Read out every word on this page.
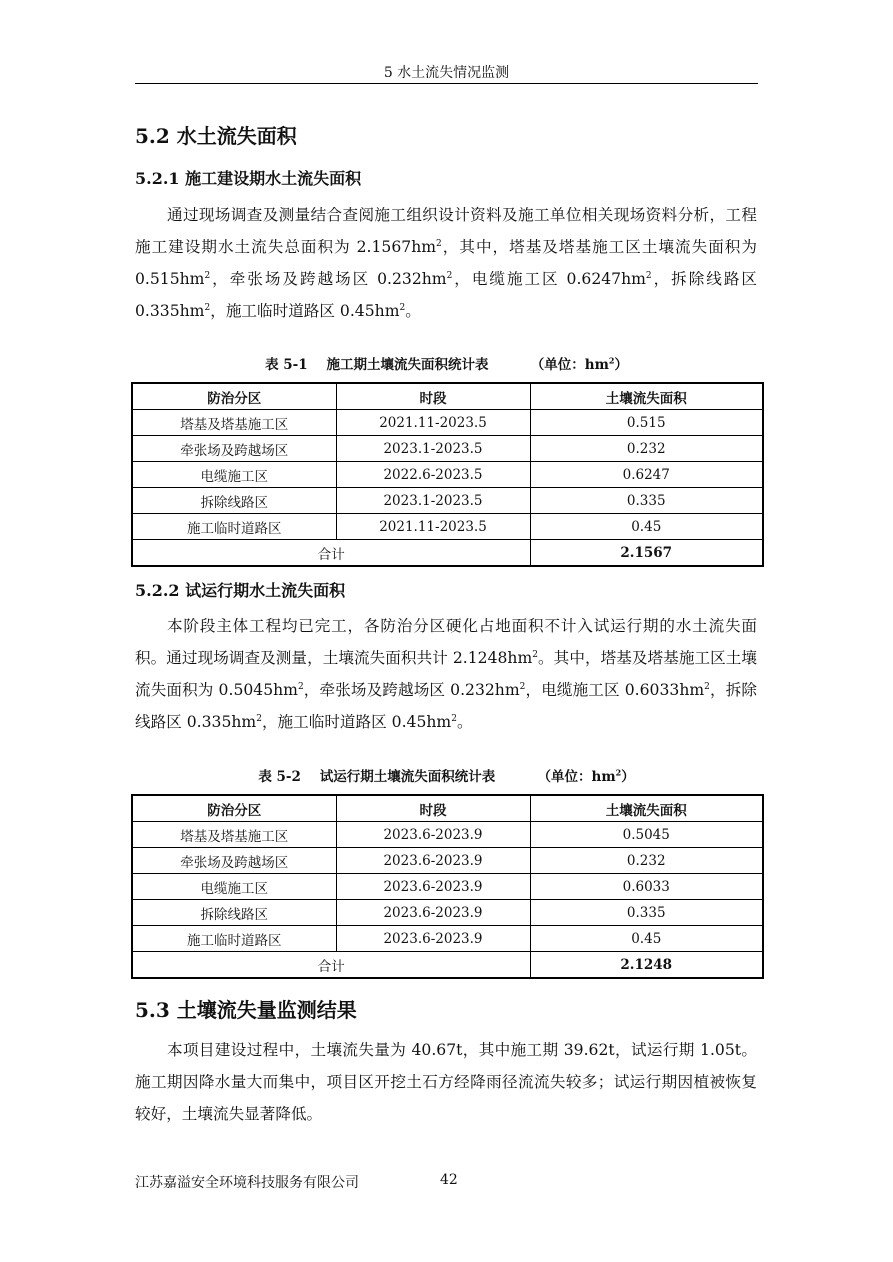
5 水土流失情况监测
5.2 水土流失面积
5.2.1 施工建设期水土流失面积

通过现场调查及测量结合查阅施工组织设计资料及施工单位相关现场资料分析，工程施工建设期水土流失总面积为 $2.1567hm^2$，其中，塔基及塔基施工区土壤流失面积为 $0.515hm^2$，牵张场及跨越场区 $0.232hm^2$，电缆施工区 $0.6247hm^2$，拆除线路区 $0.335hm^2$，施工临时道路区 $0.45hm^2$。

表 5-1    施工期土壤流失面积统计表         （单位：$hm^2$）
防治分区	时段	土壤流失面积
塔基及塔基施工区	2021.11-2023.5	0.515
牵张场及跨越场区	2023.1-2023.5	0.232
电缆施工区	2022.6-2023.5	0.6247
拆除线路区	2023.1-2023.5	0.335
施工临时道路区	2021.11-2023.5	0.45
合计		2.1567
5.2.2 试运行期水土流失面积

本阶段主体工程均已完工，各防治分区硬化占地面积不计入试运行期的水土流失面积。通过现场调查及测量，土壤流失面积共计 $2.1248hm^2$。其中，塔基及塔基施工区土壤流失面积为 $0.5045hm^2$，牵张场及跨越场区 $0.232hm^2$，电缆施工区 $0.6033hm^2$，拆除线路区 $0.335hm^2$，施工临时道路区 $0.45hm^2$。

表 5-2    试运行期土壤流失面积统计表         （单位：$hm^2$）
防治分区	时段	土壤流失面积
塔基及塔基施工区	2023.6-2023.9	0.5045
牵张场及跨越场区	2023.6-2023.9	0.232
电缆施工区	2023.6-2023.9	0.6033
拆除线路区	2023.6-2023.9	0.335
施工临时道路区	2023.6-2023.9	0.45
合计		2.1248
5.3 土壤流失量监测结果

本项目建设过程中，土壤流失量为 40.67t，其中施工期 39.62t，试运行期 1.05t。施工期因降水量大而集中，项目区开挖土石方经降雨径流流失较多；试运行期因植被恢复较好，土壤流失显著降低。

江苏嘉溢安全环境科技服务有限公司	42
